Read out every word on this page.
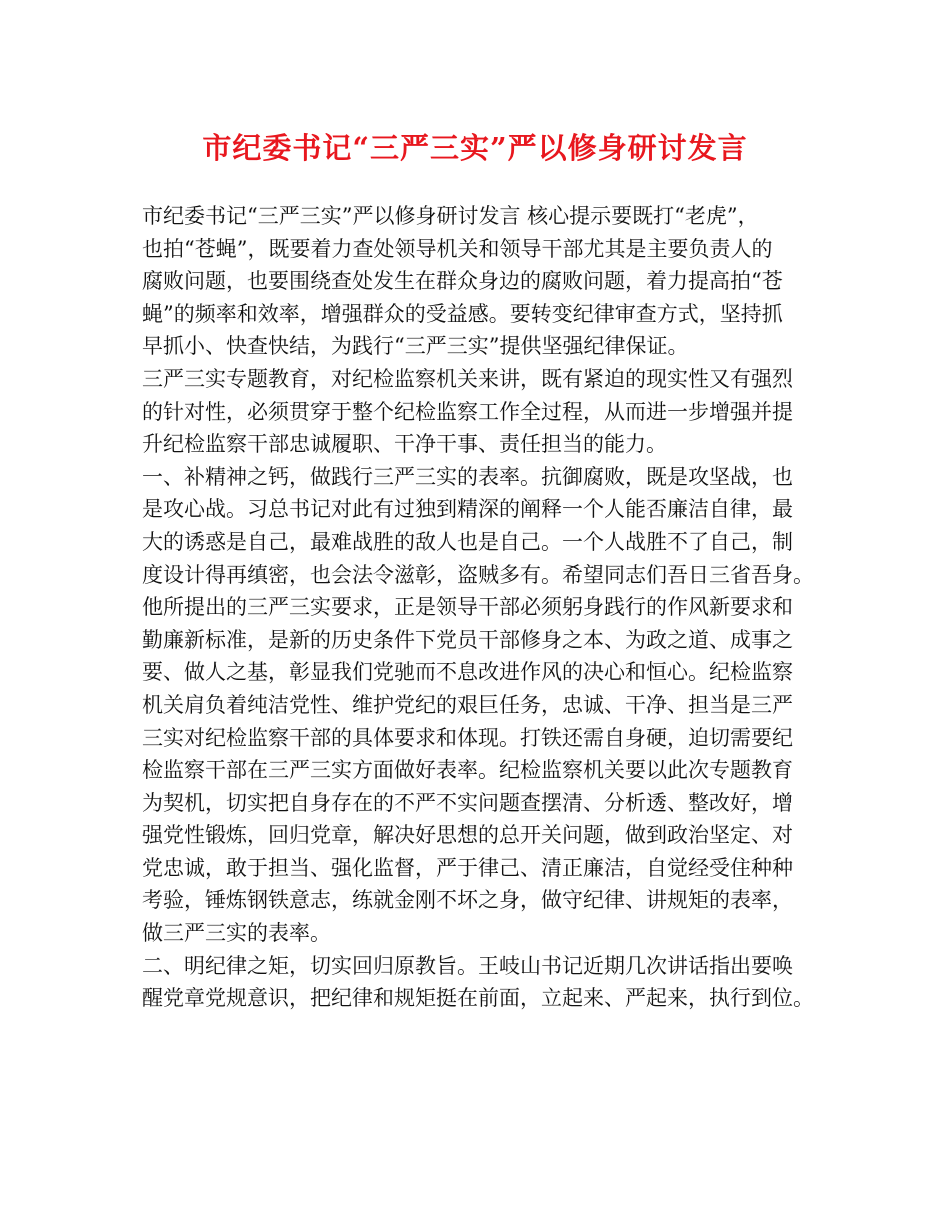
市纪委书记“三严三实”严以修身研讨发言
市纪委书记“三严三实”严以修身研讨发言 核心提示要既打“老虎”，
也拍“苍蝇”，既要着力查处领导机关和领导干部尤其是主要负责人的
腐败问题，也要围绕查处发生在群众身边的腐败问题，着力提高拍“苍
蝇”的频率和效率，增强群众的受益感。要转变纪律审查方式，坚持抓
早抓小、快查快结，为践行“三严三实”提供坚强纪律保证。
三严三实专题教育，对纪检监察机关来讲，既有紧迫的现实性又有强烈
的针对性，必须贯穿于整个纪检监察工作全过程，从而进一步增强并提
升纪检监察干部忠诚履职、干净干事、责任担当的能力。
一、补精神之钙，做践行三严三实的表率。抗御腐败，既是攻坚战，也
是攻心战。习总书记对此有过独到精深的阐释一个人能否廉洁自律，最
大的诱惑是自己，最难战胜的敌人也是自己。一个人战胜不了自己，制
度设计得再缜密，也会法令滋彰，盗贼多有。希望同志们吾日三省吾身。
他所提出的三严三实要求，正是领导干部必须躬身践行的作风新要求和
勤廉新标准，是新的历史条件下党员干部修身之本、为政之道、成事之
要、做人之基，彰显我们党驰而不息改进作风的决心和恒心。纪检监察
机关肩负着纯洁党性、维护党纪的艰巨任务，忠诚、干净、担当是三严
三实对纪检监察干部的具体要求和体现。打铁还需自身硬，迫切需要纪
检监察干部在三严三实方面做好表率。纪检监察机关要以此次专题教育
为契机，切实把自身存在的不严不实问题查摆清、分析透、整改好，增
强党性锻炼，回归党章，解决好思想的总开关问题，做到政治坚定、对
党忠诚，敢于担当、强化监督，严于律己、清正廉洁，自觉经受住种种
考验，锤炼钢铁意志，练就金刚不坏之身，做守纪律、讲规矩的表率，
做三严三实的表率。
二、明纪律之矩，切实回归原教旨。王岐山书记近期几次讲话指出要唤
醒党章党规意识，把纪律和规矩挺在前面，立起来、严起来，执行到位。
